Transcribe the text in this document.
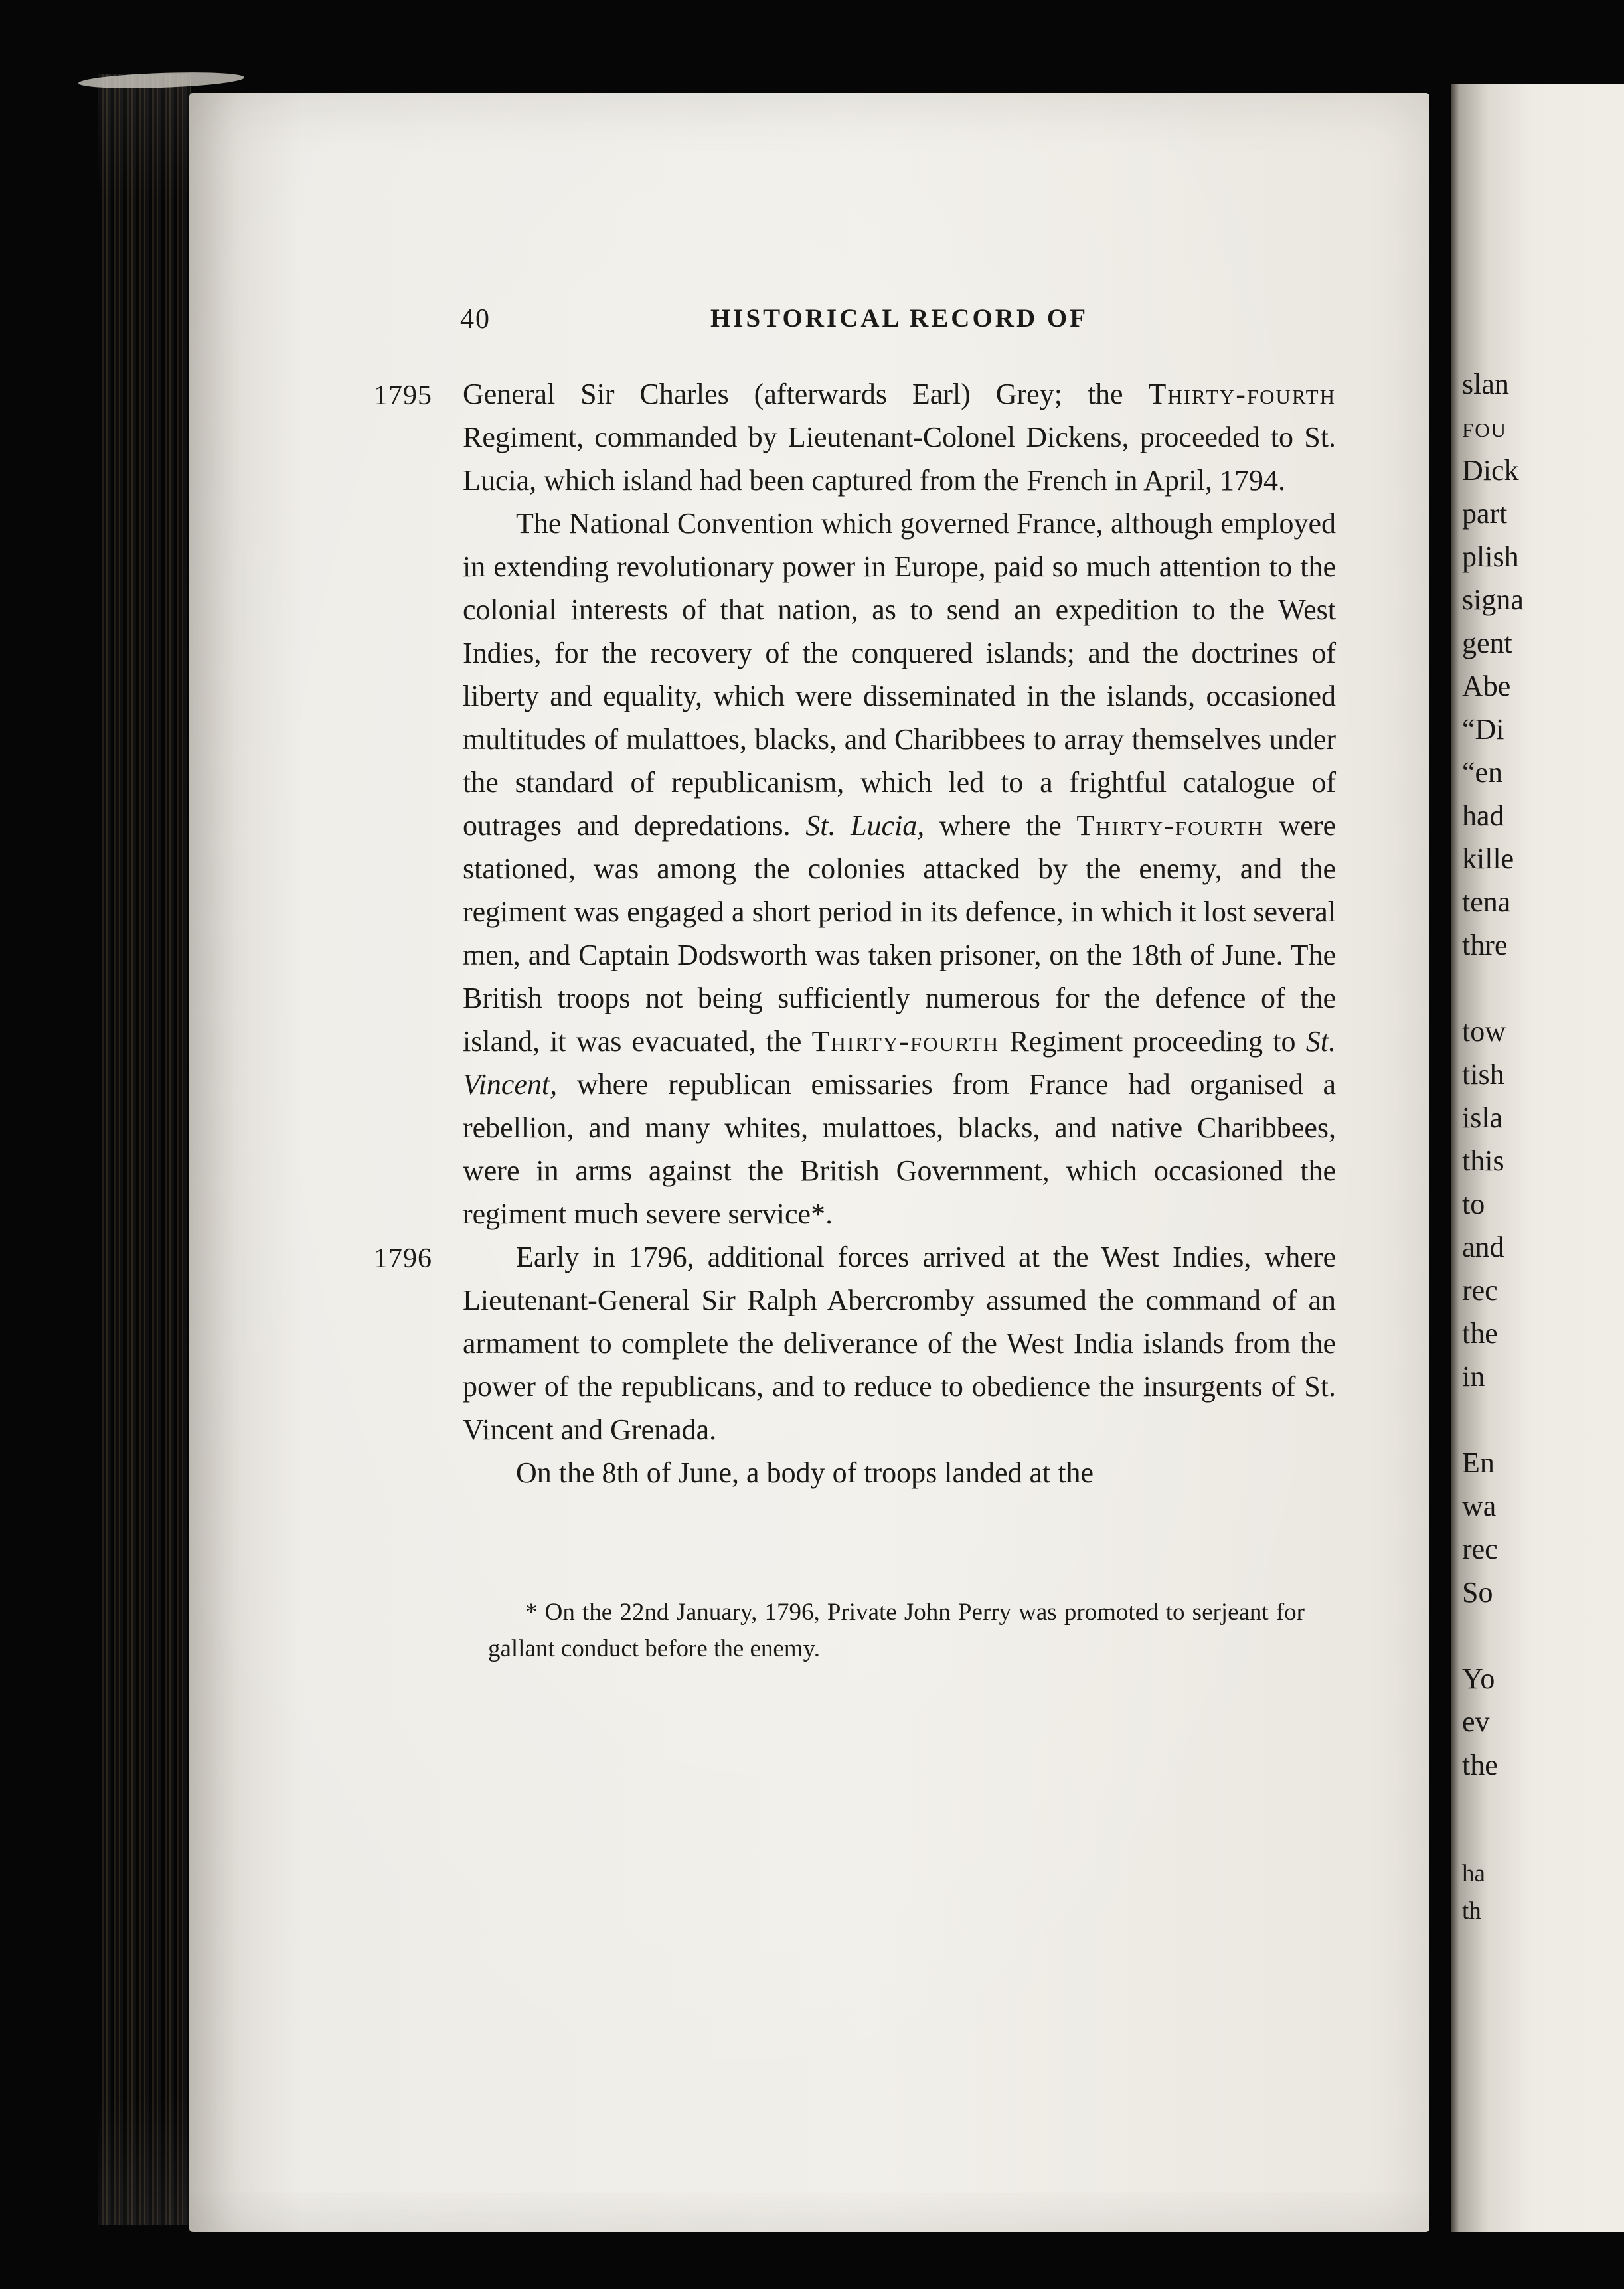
40	HISTORICAL RECORD OF

1795 General Sir Charles (afterwards Earl) Grey; the Thirty-fourth Regiment, commanded by Lieutenant-Colonel Dickens, proceeded to St. Lucia, which island had been captured from the French in April, 1794.

The National Convention which governed France, although employed in extending revolutionary power in Europe, paid so much attention to the colonial interests of that nation, as to send an expedition to the West Indies, for the recovery of the conquered islands; and the doctrines of liberty and equality, which were disseminated in the islands, occasioned multitudes of mulattoes, blacks, and Charibbees to array themselves under the standard of republicanism, which led to a frightful catalogue of outrages and depredations. St. Lucia, where the Thirty-fourth were stationed, was among the colonies attacked by the enemy, and the regiment was engaged a short period in its defence, in which it lost several men, and Captain Dodsworth was taken prisoner, on the 18th of June. The British troops not being sufficiently numerous for the defence of the island, it was evacuated, the Thirty-fourth Regiment proceeding to St. Vincent, where republican emissaries from France had organised a rebellion, and many whites, mulattoes, blacks, and native Charibbees, were in arms against the British Government, which occasioned the regiment much severe service*.

1796	Early in 1796, additional forces arrived at the West Indies, where Lieutenant-General Sir Ralph Abercromby assumed the command of an armament to complete the deliverance of the West India islands from the power of the republicans, and to reduce to obedience the insurgents of St. Vincent and Grenada.

On the 8th of June, a body of troops landed at the

* On the 22nd January, 1796, Private John Perry was promoted to serjeant for gallant conduct before the enemy.

slan
fou
Dick
part
plish
signa
gent
Abe
“Di
“en
had
kille
tena
thre

tow
tish
isla
this
to
and
rec
the
in

En
wa
rec
So

Yo
ev
the
ha
th
